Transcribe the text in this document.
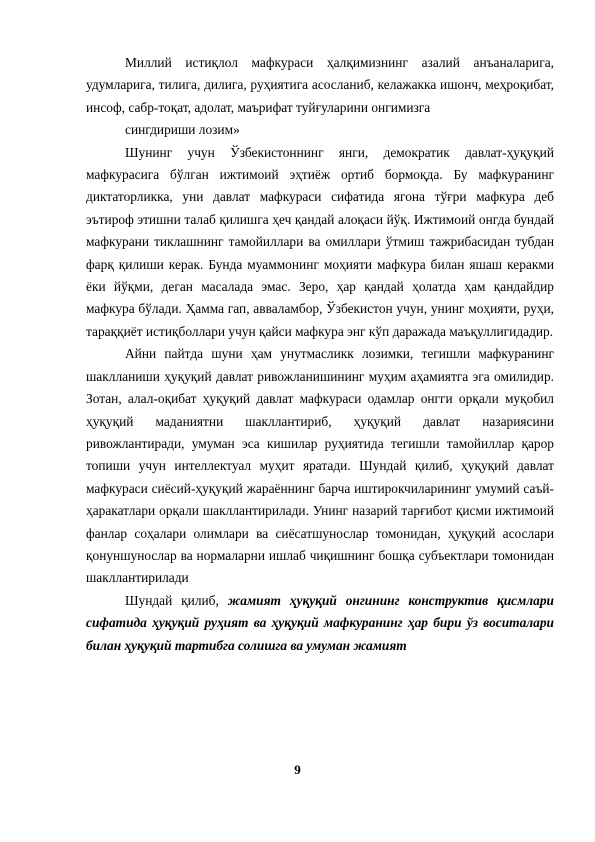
Миллий истиқлол мафкураси ҳалқимизнинг азалий анъаналарига, удумларига, тилига, дилига, руҳиятига асосланиб, келажакка ишонч, меҳроқибат, инсоф, сабр-тоқат, адолат, маърифат туйғуларини онгимизга

сингдириши лозим»

Шунинг учун Ўзбекистоннинг янги, демократик давлат-ҳуқуқий мафкурасига бўлган ижтимоий эҳтиёж ортиб бормоқда. Бу мафкуранинг диктаторликка, уни давлат мафкураси сифатида ягона тўғри мафкура деб эътироф этишни талаб қилишга ҳеч қандай алоқаси йўқ. Ижтимоий онгда бундай мафкурани тиклашнинг тамойиллари ва омиллари ўтмиш тажрибасидан тубдан фарқ қилиши керак. Бунда муаммонинг моҳияти мафкура билан яшаш керакми ёки йўқми, деган масалада эмас. Зеро, ҳар қандай ҳолатда ҳам қандайдир мафкура бўлади. Ҳамма гап, авваламбор, Ўзбекистон учун, унинг моҳияти, руҳи, тараққиёт истиқболлари учун қайси мафкура энг кўп даражада маъқуллигидадир.

Айни пайтда шуни ҳам унутмасликк лозимки, тегишли мафкуранинг шаклланиши ҳуқуқий давлат ривожланишининг муҳим аҳамиятга эга омилидир. Зотан, алал-оқибат ҳуқуқий давлат мафкураси одамлар онгги орқали муқобил ҳуқуқий маданиятни шакллантириб, ҳуқуқий давлат назариясини ривожлантиради, умуман эса кишилар руҳиятида тегишли тамойиллар қарор топиши учун интеллектуал муҳит яратади. Шундай қилиб, ҳуқуқий давлат мафкураси сиёсий-ҳуқуқий жараённинг барча иштирокчиларининг умумий саъй-ҳаракатлари орқали шакллантирилади. Унинг назарий тарғибот қисми ижтимоий фанлар соҳалари олимлари ва сиёсатшунослар томонидан, ҳуқуқий асослари қонуншунослар ва нормаларни ишлаб чиқишнинг бошқа субъектлари томонидан шакллантирилади

Шундай қилиб, жамият ҳуқуқий онгининг конструктив қисмлари сифатида ҳуқуқий руҳият ва ҳуқуқий мафкуранинг ҳар бири ўз воситалари билан ҳуқуқий тартибга солишга ва умуман жамият

9
